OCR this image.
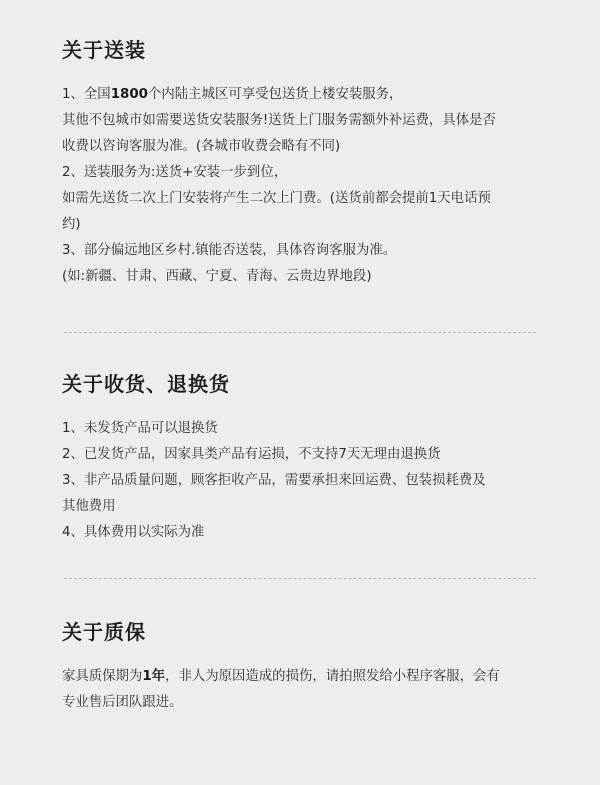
关于送装
1、全国1800个内陆主城区可享受包送货上楼安装服务，
其他不包城市如需要送货安装服务!送货上门服务需额外补运费，具体是否
收费以咨询客服为准。(各城市收费会略有不同)
2、送装服务为:送货+安装一步到位，
如需先送货二次上门安装将产生二次上门费。(送货前都会提前1天电话预
约)
3、部分偏远地区乡村.镇能否送装，具体咨询客服为准。
(如:新疆、甘肃、西藏、宁夏、青海、云贵边界地段)
关于收货、退换货
1、未发货产品可以退换货
2、已发货产品，因家具类产品有运损，不支持7天无理由退换货
3、非产品质量问题，顾客拒收产品，需要承担来回运费、包装损耗费及
其他费用
4、具体费用以实际为准
关于质保
家具质保期为1年，非人为原因造成的损伤，请拍照发给小程序客服，会有
专业售后团队跟进。
